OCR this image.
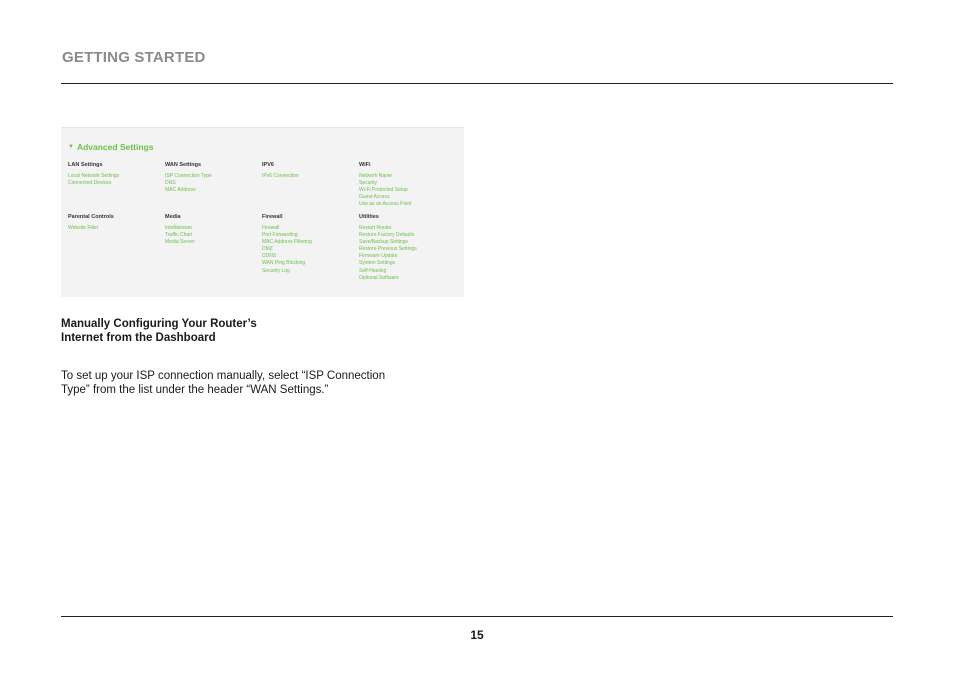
GETTING STARTED
▼ Advanced Settings
LAN Settings
Local Network Settings
Connected Devices
WAN Settings
ISP Connection Type
DNS
MAC Address
IPV6
IPv6 Connection
WiFi
Network Name
Security
Wi-Fi Protected Setup
Guest Access
Use as an Access Point
Parental Controls
Website Filter
Media
Intellistream
Traffic Chart
Media Server
Firewall
Firewall
Port Forwarding
MAC Address Filtering
DMZ
DDNS
WAN Ping Blocking
Security Log
Utilities
Restart Router
Restore Factory Defaults
Save/Backup Settings
Restore Previous Settings
Firmware Update
System Settings
Self-Healing
Optional Software
Manually Configuring Your Router’s
Internet from the Dashboard
To set up your ISP connection manually, select “ISP Connection
Type” from the list under the header “WAN Settings.”
15
